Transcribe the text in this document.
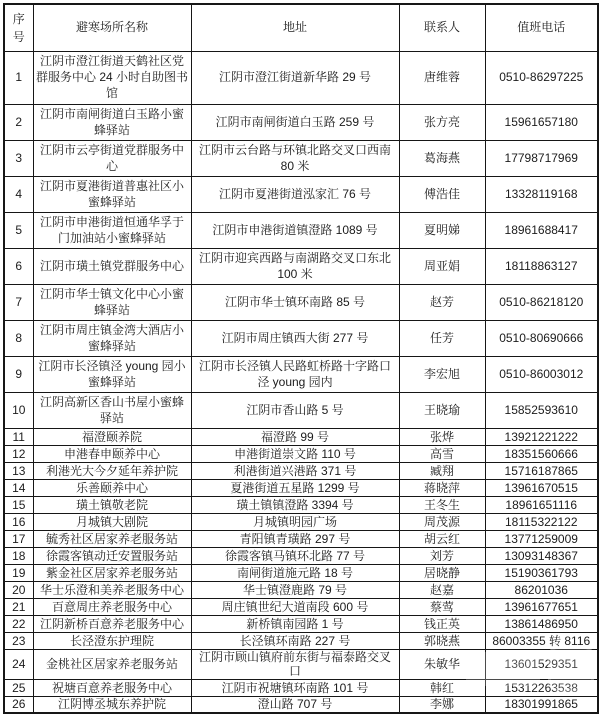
序号	避寒场所名称	地址	联系人	值班电话
1	江阴市澄江街道天鹤社区党群服务中心 24 小时自助图书馆	江阴市澄江街道新华路 29 号	唐维蓉	0510-86297225
2	江阴市南闸街道白玉路小蜜蜂驿站	江阴市南闸街道白玉路 259 号	张方亮	15961657180
3	江阴市云亭街道党群服务中心	江阴市云台路与环镇北路交叉口西南 80 米	葛海燕	17798717969
4	江阴市夏港街道普惠社区小蜜蜂驿站	江阴市夏港街道泓家汇 76 号	傅浩佳	13328119168
5	江阴市申港街道恒通华孚于门加油站小蜜蜂驿站	江阴市申港街道镇澄路 1089 号	夏明娣	18961688417
6	江阴市璜土镇党群服务中心	江阴市迎宾西路与南湖路交叉口东北 100 米	周亚娟	18118863127
7	江阴市华士镇文化中心小蜜蜂驿站	江阴市华士镇环南路 85 号	赵芳	0510-86218120
8	江阴市周庄镇金湾大酒店小蜜蜂驿站	江阴市周庄镇西大街 277 号	任芳	0510-80690666
9	江阴市长泾镇泾 young 园小蜜蜂驿站	江阴市长泾镇人民路虹桥路十字路口泾 young 园内	李宏旭	0510-86003012
10	江阴高新区香山书屋小蜜蜂驿站	江阴市香山路 5 号	王晓瑜	15852593610
11	福澄颐养院	福澄路 99 号	张烨	13921221222
12	申港春申颐养中心	申港街道崇文路 110 号	高雪	18351560666
13	利港光大今夕延年养护院	利港街道兴港路 371 号	臧翔	15716187865
14	乐善颐养中心	夏港街道五星路 1299 号	蒋晓萍	13961670515
15	璜土镇敬老院	璜土镇镇澄路 3394 号	王冬生	18961651116
16	月城镇大剧院	月城镇明园广场	周茂源	18115322122
17	毓秀社区居家养老服务站	青阳镇青璜路 297 号	胡云红	13771259009
18	徐霞客镇动迁安置服务站	徐霞客镇马镇环北路 77 号	刘芳	13093148367
19	紫金社区居家养老服务站	南闸街道施元路 18 号	居晓静	15190361793
20	华士乐澄和美养老服务中心	华士镇澄鹿路 79 号	赵嘉	86201036
21	百意周庄养老服务中心	周庄镇世纪大道南段 600 号	蔡莺	13961677651
22	江阴新桥百意养老服务中心	新桥镇南园路 1 号	钱正英	13861486950
23	长泾澄东护理院	长泾镇环南路 227 号	郭晓燕	86003355 转 8116
24	金桃社区居家养老服务站	江阴市顾山镇府前东街与福泰路交叉口	朱敏华	13601529351
25	祝塘百意养老服务中心	江阴市祝塘镇环南路 101 号	韩红	15312263538
26	江阴博丞城东养护院	澄山路 707 号	李娜	18301991865
